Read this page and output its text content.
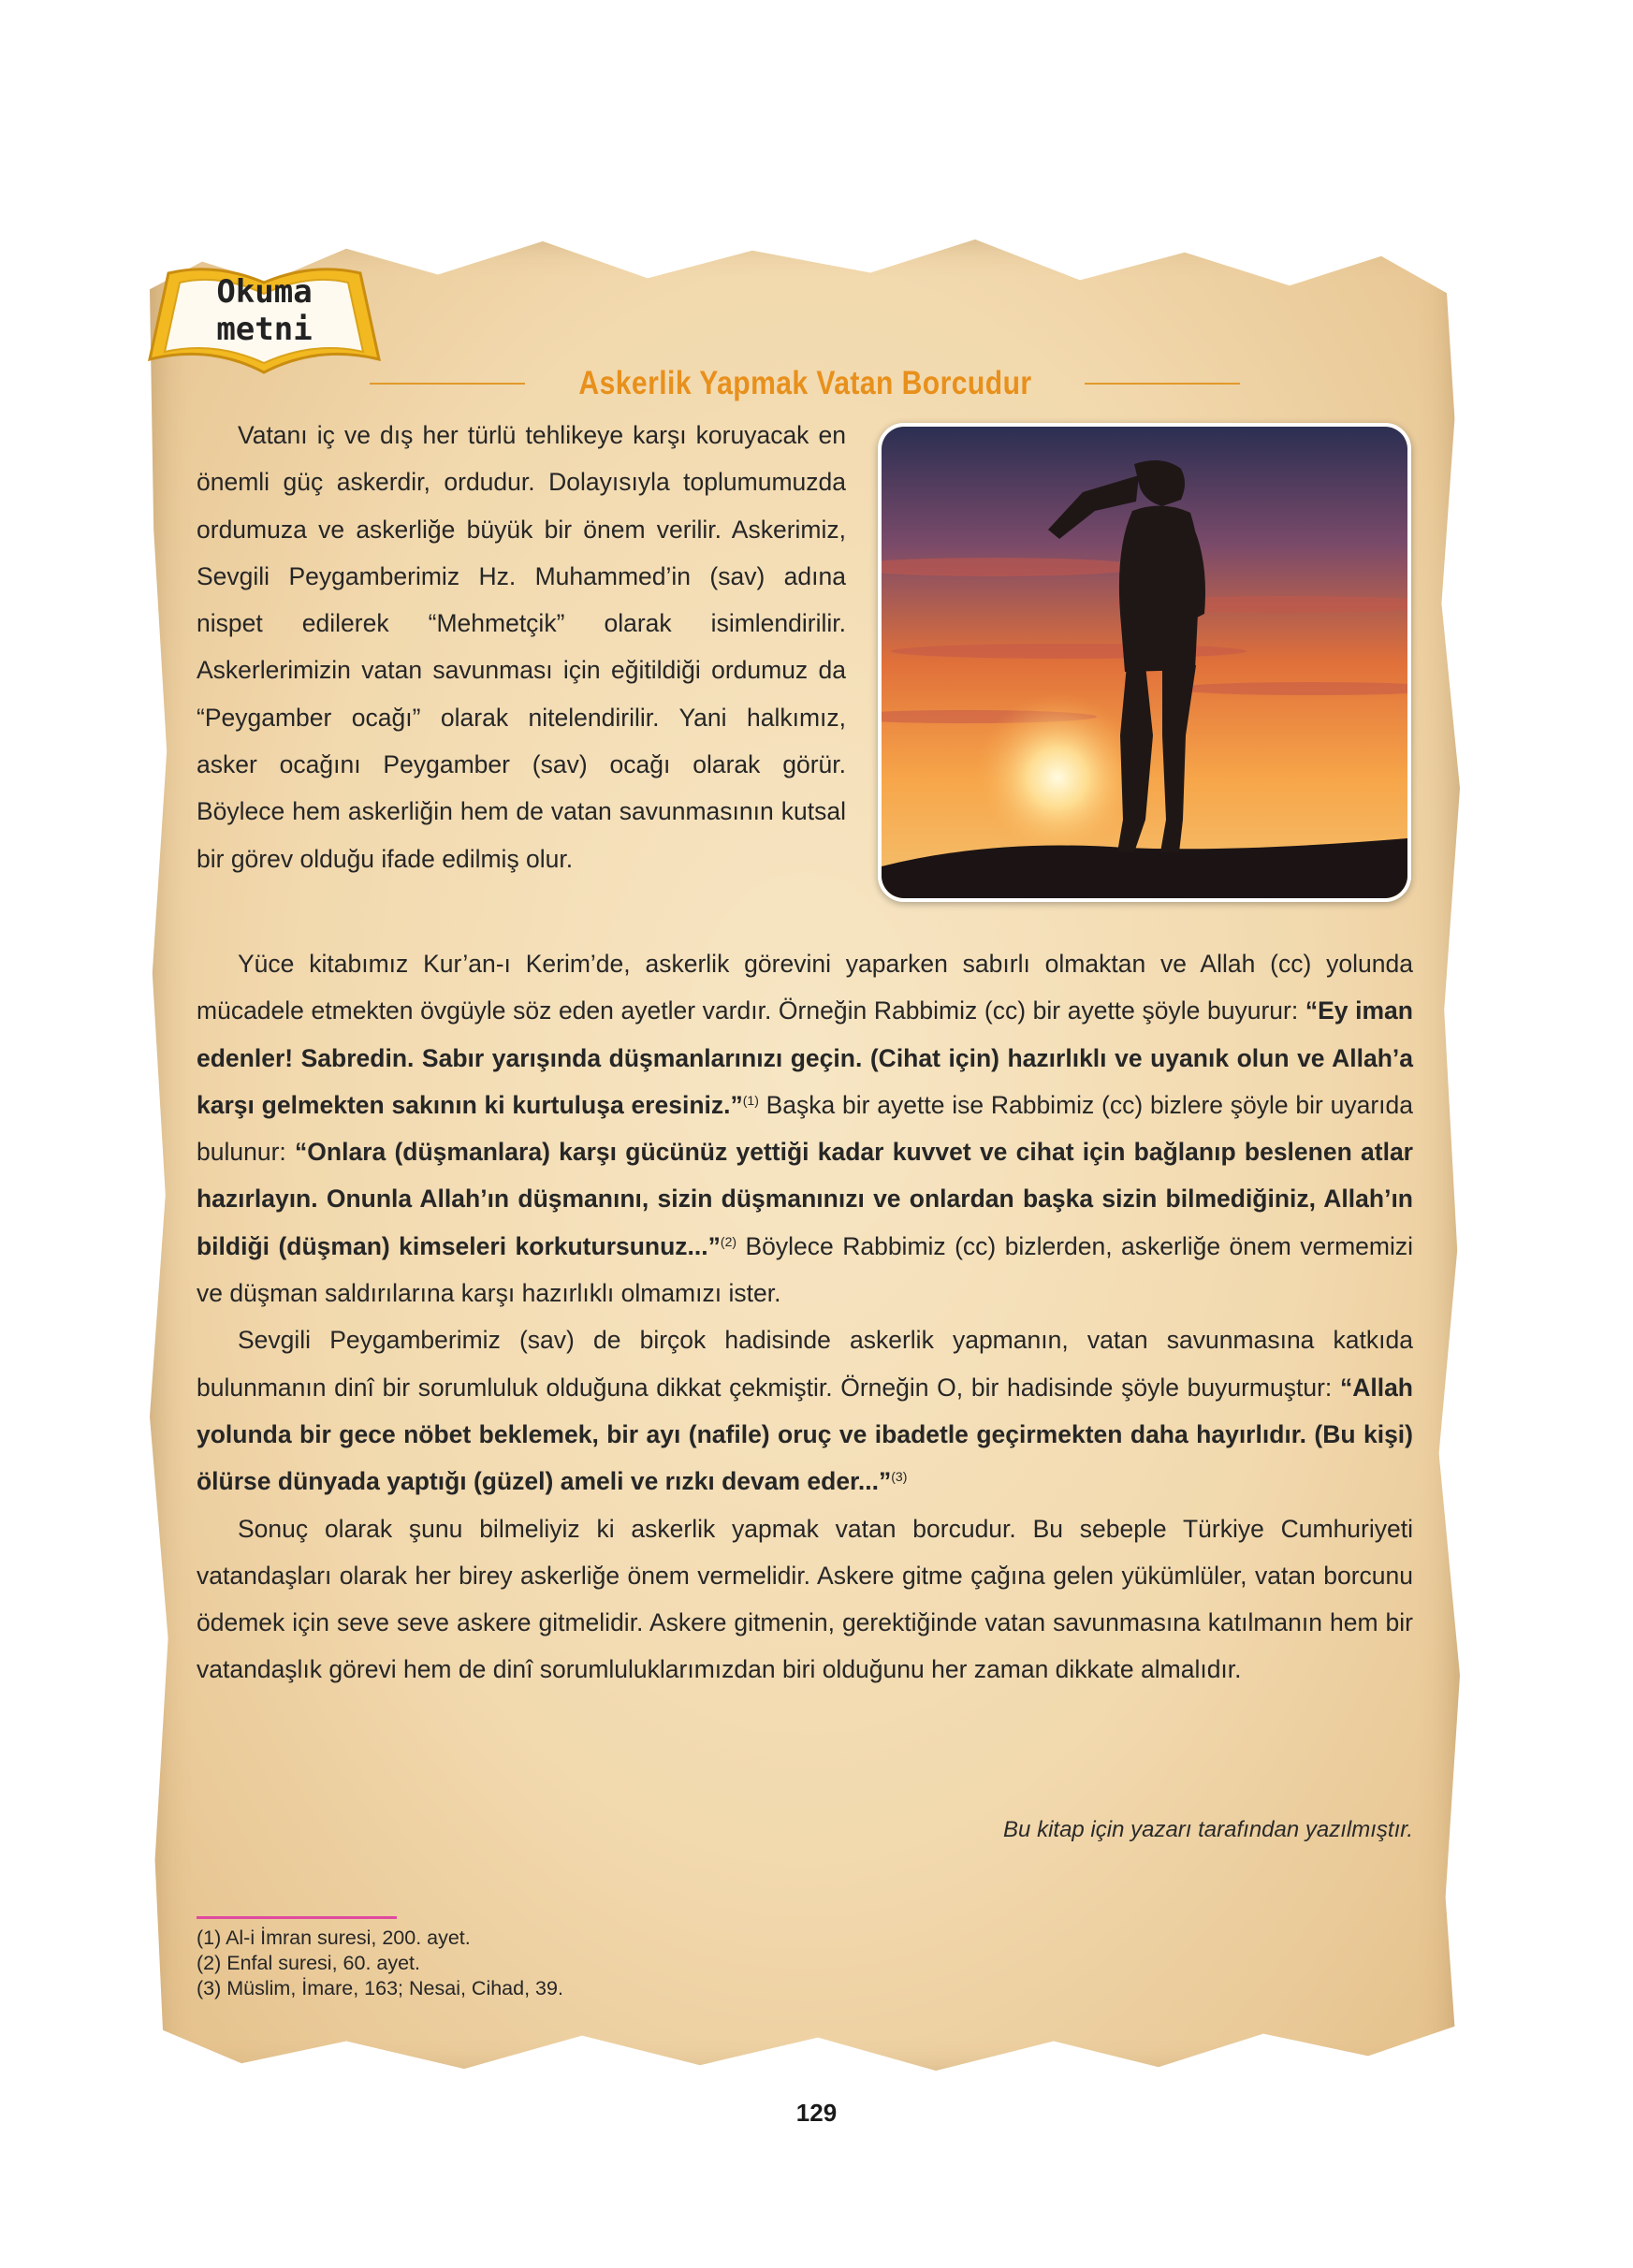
Okuma
metni
Askerlik Yapmak Vatan Borcudur

Vatanı iç ve dış her türlü tehlikeye karşı koruyacak en önemli güç askerdir, ordudur. Dolayısıyla toplumumuzda ordumuza ve askerliğe büyük bir önem verilir. Askerimiz, Sevgili Peygamberimiz Hz. Muhammed’in (sav) adına nispet edilerek “Mehmetçik” olarak isimlendirilir. Askerlerimizin vatan savunması için eğitildiği ordumuz da “Peygamber ocağı” olarak nitelendirilir. Yani halkımız, asker ocağını Peygamber (sav) ocağı olarak görür. Böylece hem askerliğin hem de vatan savunmasının kutsal bir görev olduğu ifade edilmiş olur.

Yüce kitabımız Kur’an-ı Kerim’de, askerlik görevini yaparken sabırlı olmaktan ve Allah (cc) yolunda mücadele etmekten övgüyle söz eden ayetler vardır. Örneğin Rabbimiz (cc) bir ayette şöyle buyurur: “Ey iman edenler! Sabredin. Sabır yarışında düşmanlarınızı geçin. (Cihat için) hazırlıklı ve uyanık olun ve Allah’a karşı gelmekten sakının ki kurtuluşa eresiniz.”$^{(1)}$ Başka bir ayette ise Rabbimiz (cc) bizlere şöyle bir uyarıda bulunur: “Onlara (düşmanlara) karşı gücünüz yettiği kadar kuvvet ve cihat için bağlanıp beslenen atlar hazırlayın. Onunla Allah’ın düşmanını, sizin düşmanınızı ve onlardan başka sizin bilmediğiniz, Allah’ın bildiği (düşman) kimseleri korkutursunuz...”$^{(2)}$ Böylece Rabbimiz (cc) bizlerden, askerliğe önem vermemizi ve düşman saldırılarına karşı hazırlıklı olmamızı ister.

Sevgili Peygamberimiz (sav) de birçok hadisinde askerlik yapmanın, vatan savunmasına katkıda bulunmanın dinî bir sorumluluk olduğuna dikkat çekmiştir. Örneğin O, bir hadisinde şöyle buyurmuştur: “Allah yolunda bir gece nöbet beklemek, bir ayı (nafile) oruç ve ibadetle geçirmekten daha hayırlıdır. (Bu kişi) ölürse dünyada yaptığı (güzel) ameli ve rızkı devam eder...”$^{(3)}$

Sonuç olarak şunu bilmeliyiz ki askerlik yapmak vatan borcudur. Bu sebeple Türkiye Cumhuriyeti vatandaşları olarak her birey askerliğe önem vermelidir. Askere gitme çağına gelen yükümlüler, vatan borcunu ödemek için seve seve askere gitmelidir. Askere gitmenin, gerektiğinde vatan savunmasına katılmanın hem bir vatandaşlık görevi hem de dinî sorumluluklarımızdan biri olduğunu her zaman dikkate almalıdır.

Bu kitap için yazarı tarafından yazılmıştır.
(1) Al-i İmran suresi, 200. ayet.
(2) Enfal suresi, 60. ayet.
(3) Müslim, İmare, 163; Nesai, Cihad, 39.
129
